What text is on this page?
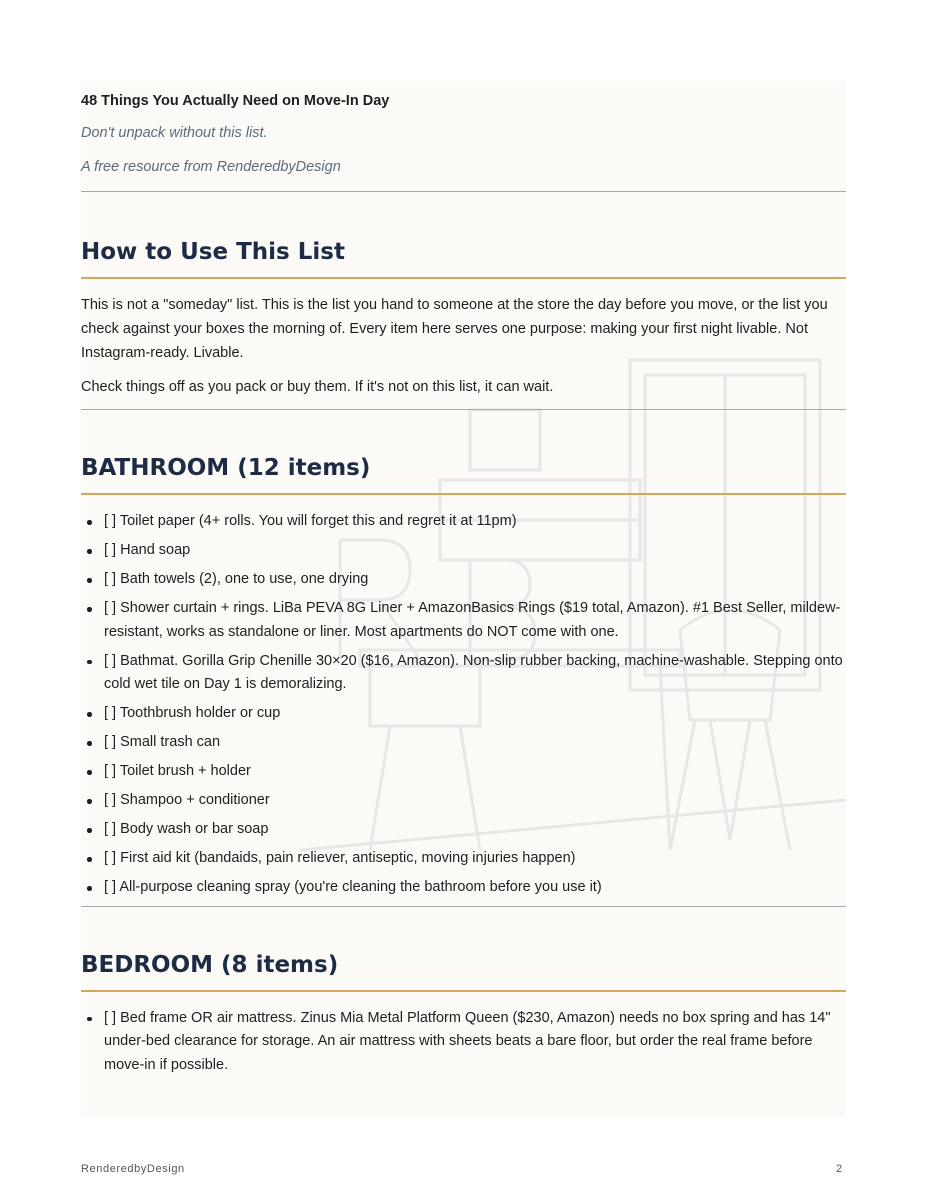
48 Things You Actually Need on Move-In Day

Don't unpack without this list.

A free resource from RenderedbyDesign

How to Use This List

This is not a "someday" list. This is the list you hand to someone at the store the day before you move, or the list you check against your boxes the morning of. Every item here serves one purpose: making your first night livable. Not Instagram-ready. Livable.

Check things off as you pack or buy them. If it's not on this list, it can wait.

BATHROOM (12 items)
[ ] Toilet paper (4+ rolls. You will forget this and regret it at 11pm)
[ ] Hand soap
[ ] Bath towels (2), one to use, one drying
[ ] Shower curtain + rings. LiBa PEVA 8G Liner + AmazonBasics Rings ($19 total, Amazon). #1 Best Seller, mildew-resistant, works as standalone or liner. Most apartments do NOT come with one.
[ ] Bathmat. Gorilla Grip Chenille 30×20 ($16, Amazon). Non-slip rubber backing, machine-washable. Stepping onto cold wet tile on Day 1 is demoralizing.
[ ] Toothbrush holder or cup
[ ] Small trash can
[ ] Toilet brush + holder
[ ] Shampoo + conditioner
[ ] Body wash or bar soap
[ ] First aid kit (bandaids, pain reliever, antiseptic, moving injuries happen)
[ ] All-purpose cleaning spray (you're cleaning the bathroom before you use it)
BEDROOM (8 items)
[ ] Bed frame OR air mattress. Zinus Mia Metal Platform Queen ($230, Amazon) needs no box spring and has 14" under-bed clearance for storage. An air mattress with sheets beats a bare floor, but order the real frame before move-in if possible.
RenderedbyDesign	2
